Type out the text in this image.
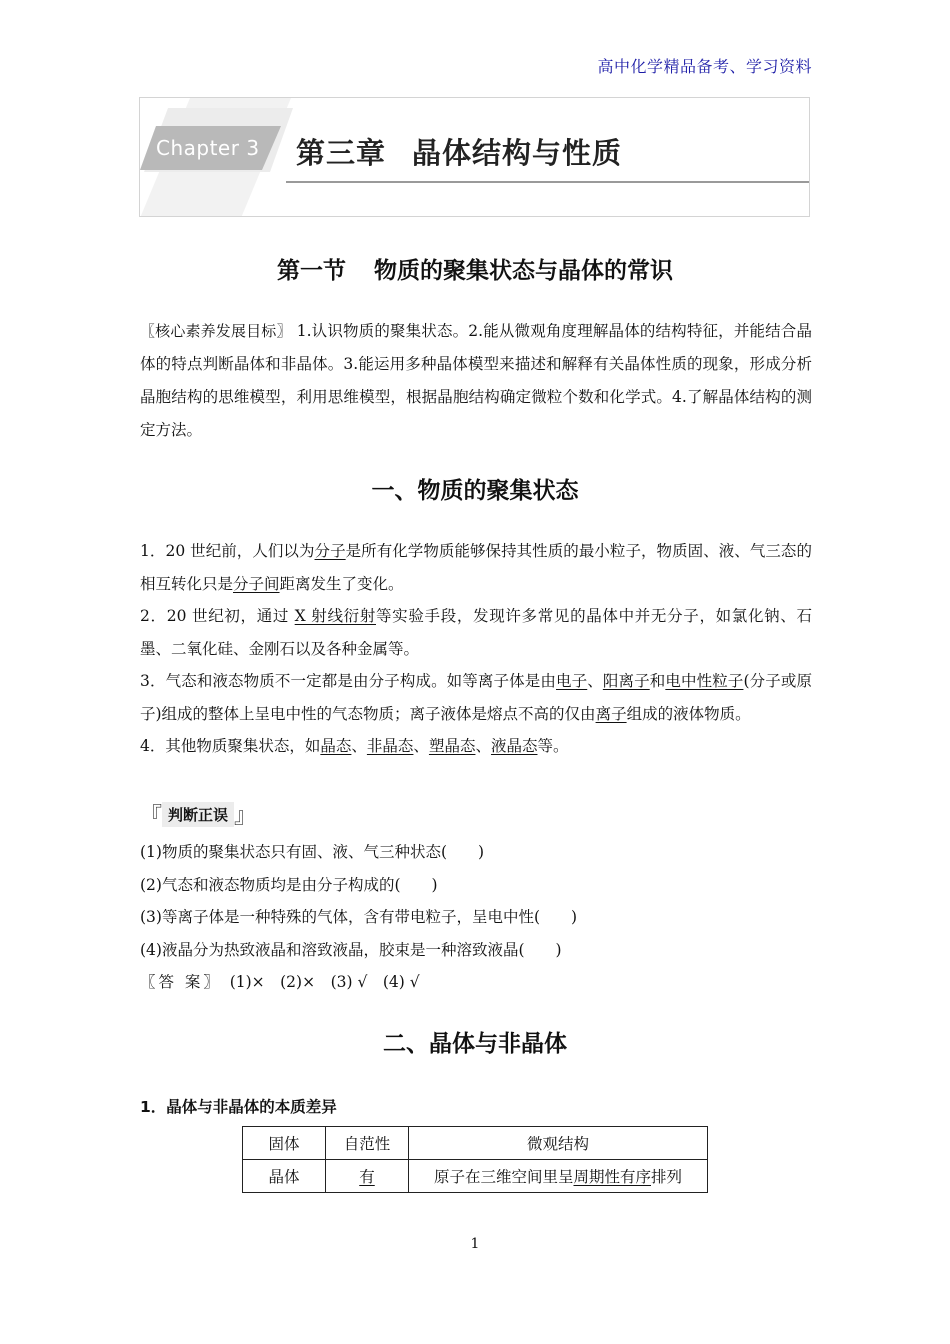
高中化学精品备考、学习资料
Chapter 3 第三章 晶体结构与性质
第一节 物质的聚集状态与晶体的常识
〖核心素养发展目标〗 1.认识物质的聚集状态。2.能从微观角度理解晶体的结构特征，并能结合晶体的特点判断晶体和非晶体。3.能运用多种晶体模型来描述和解释有关晶体性质的现象，形成分析晶胞结构的思维模型，利用思维模型，根据晶胞结构确定微粒个数和化学式。4.了解晶体结构的测定方法。
一、物质的聚集状态

1．20 世纪前，人们以为分子是所有化学物质能够保持其性质的最小粒子，物质固、液、气三态的相互转化只是分子间距离发生了变化。

2．20 世纪初，通过 X 射线衍射等实验手段，发现许多常见的晶体中并无分子，如氯化钠、石墨、二氧化硅、金刚石以及各种金属等。

3．气态和液态物质不一定都是由分子构成。如等离子体是由电子、阳离子和电中性粒子(分子或原子)组成的整体上呈电中性的气态物质；离子液体是熔点不高的仅由离子组成的液体物质。

4．其他物质聚集状态，如晶态、非晶态、塑晶态、液晶态等。

『 判断正误 』

(1)物质的聚集状态只有固、液、气三种状态(　　)

(2)气态和液态物质均是由分子构成的(　　)

(3)等离子体是一种特殊的气体，含有带电粒子，呈电中性(　　)

(4)液晶分为热致液晶和溶致液晶，胶束是一种溶致液晶(　　)

〖答 案〗　(1)×　(2)×　(3) √　(4) √

二、晶体与非晶体
1．晶体与非晶体的本质差异
固体	自范性	微观结构
晶体	有	原子在三维空间里呈周期性有序排列
1
